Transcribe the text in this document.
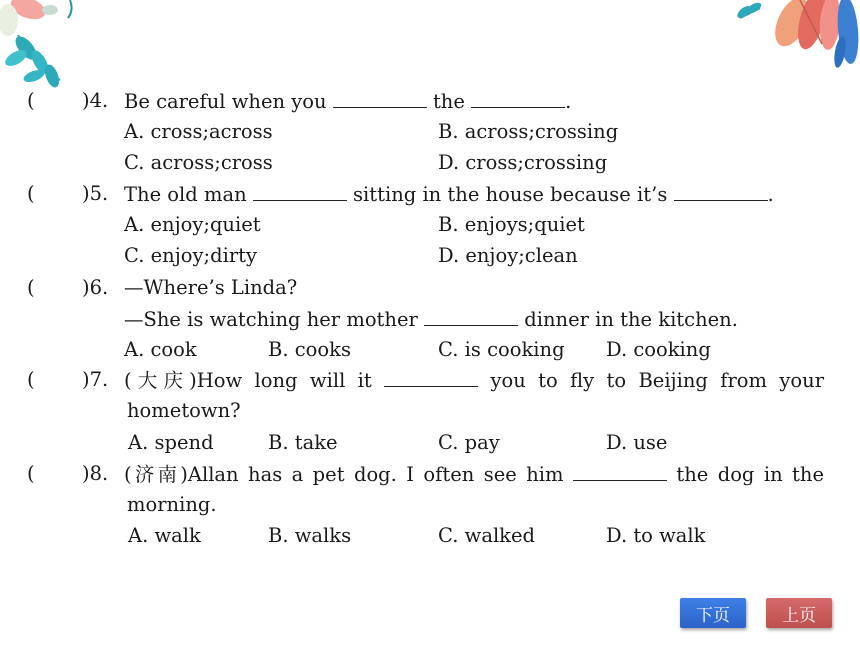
( )4. Be careful when you	the	.
A. cross;across	B. across;crossing
C. across;cross	D. cross;crossing
( )5. The old man	sitting in the house because it’s	.
A. enjoy;quiet	B. enjoys;quiet
C. enjoy;dirty	D. enjoy;clean
( )6. —Where’s Linda?
—She is watching her mother	dinner in the kitchen.
A. cook	B. cooks	C. is cooking D. cooking
( )7. (大庆)How long will it	you to fly to Beijing from your
hometown?
A. spend	B. take	C. pay	D. use
( )8. (济南)Allan has a pet dog. I often see him	the dog in the
morning.
A. walk	B. walks	C. walked	D. to walk
下页	上页
